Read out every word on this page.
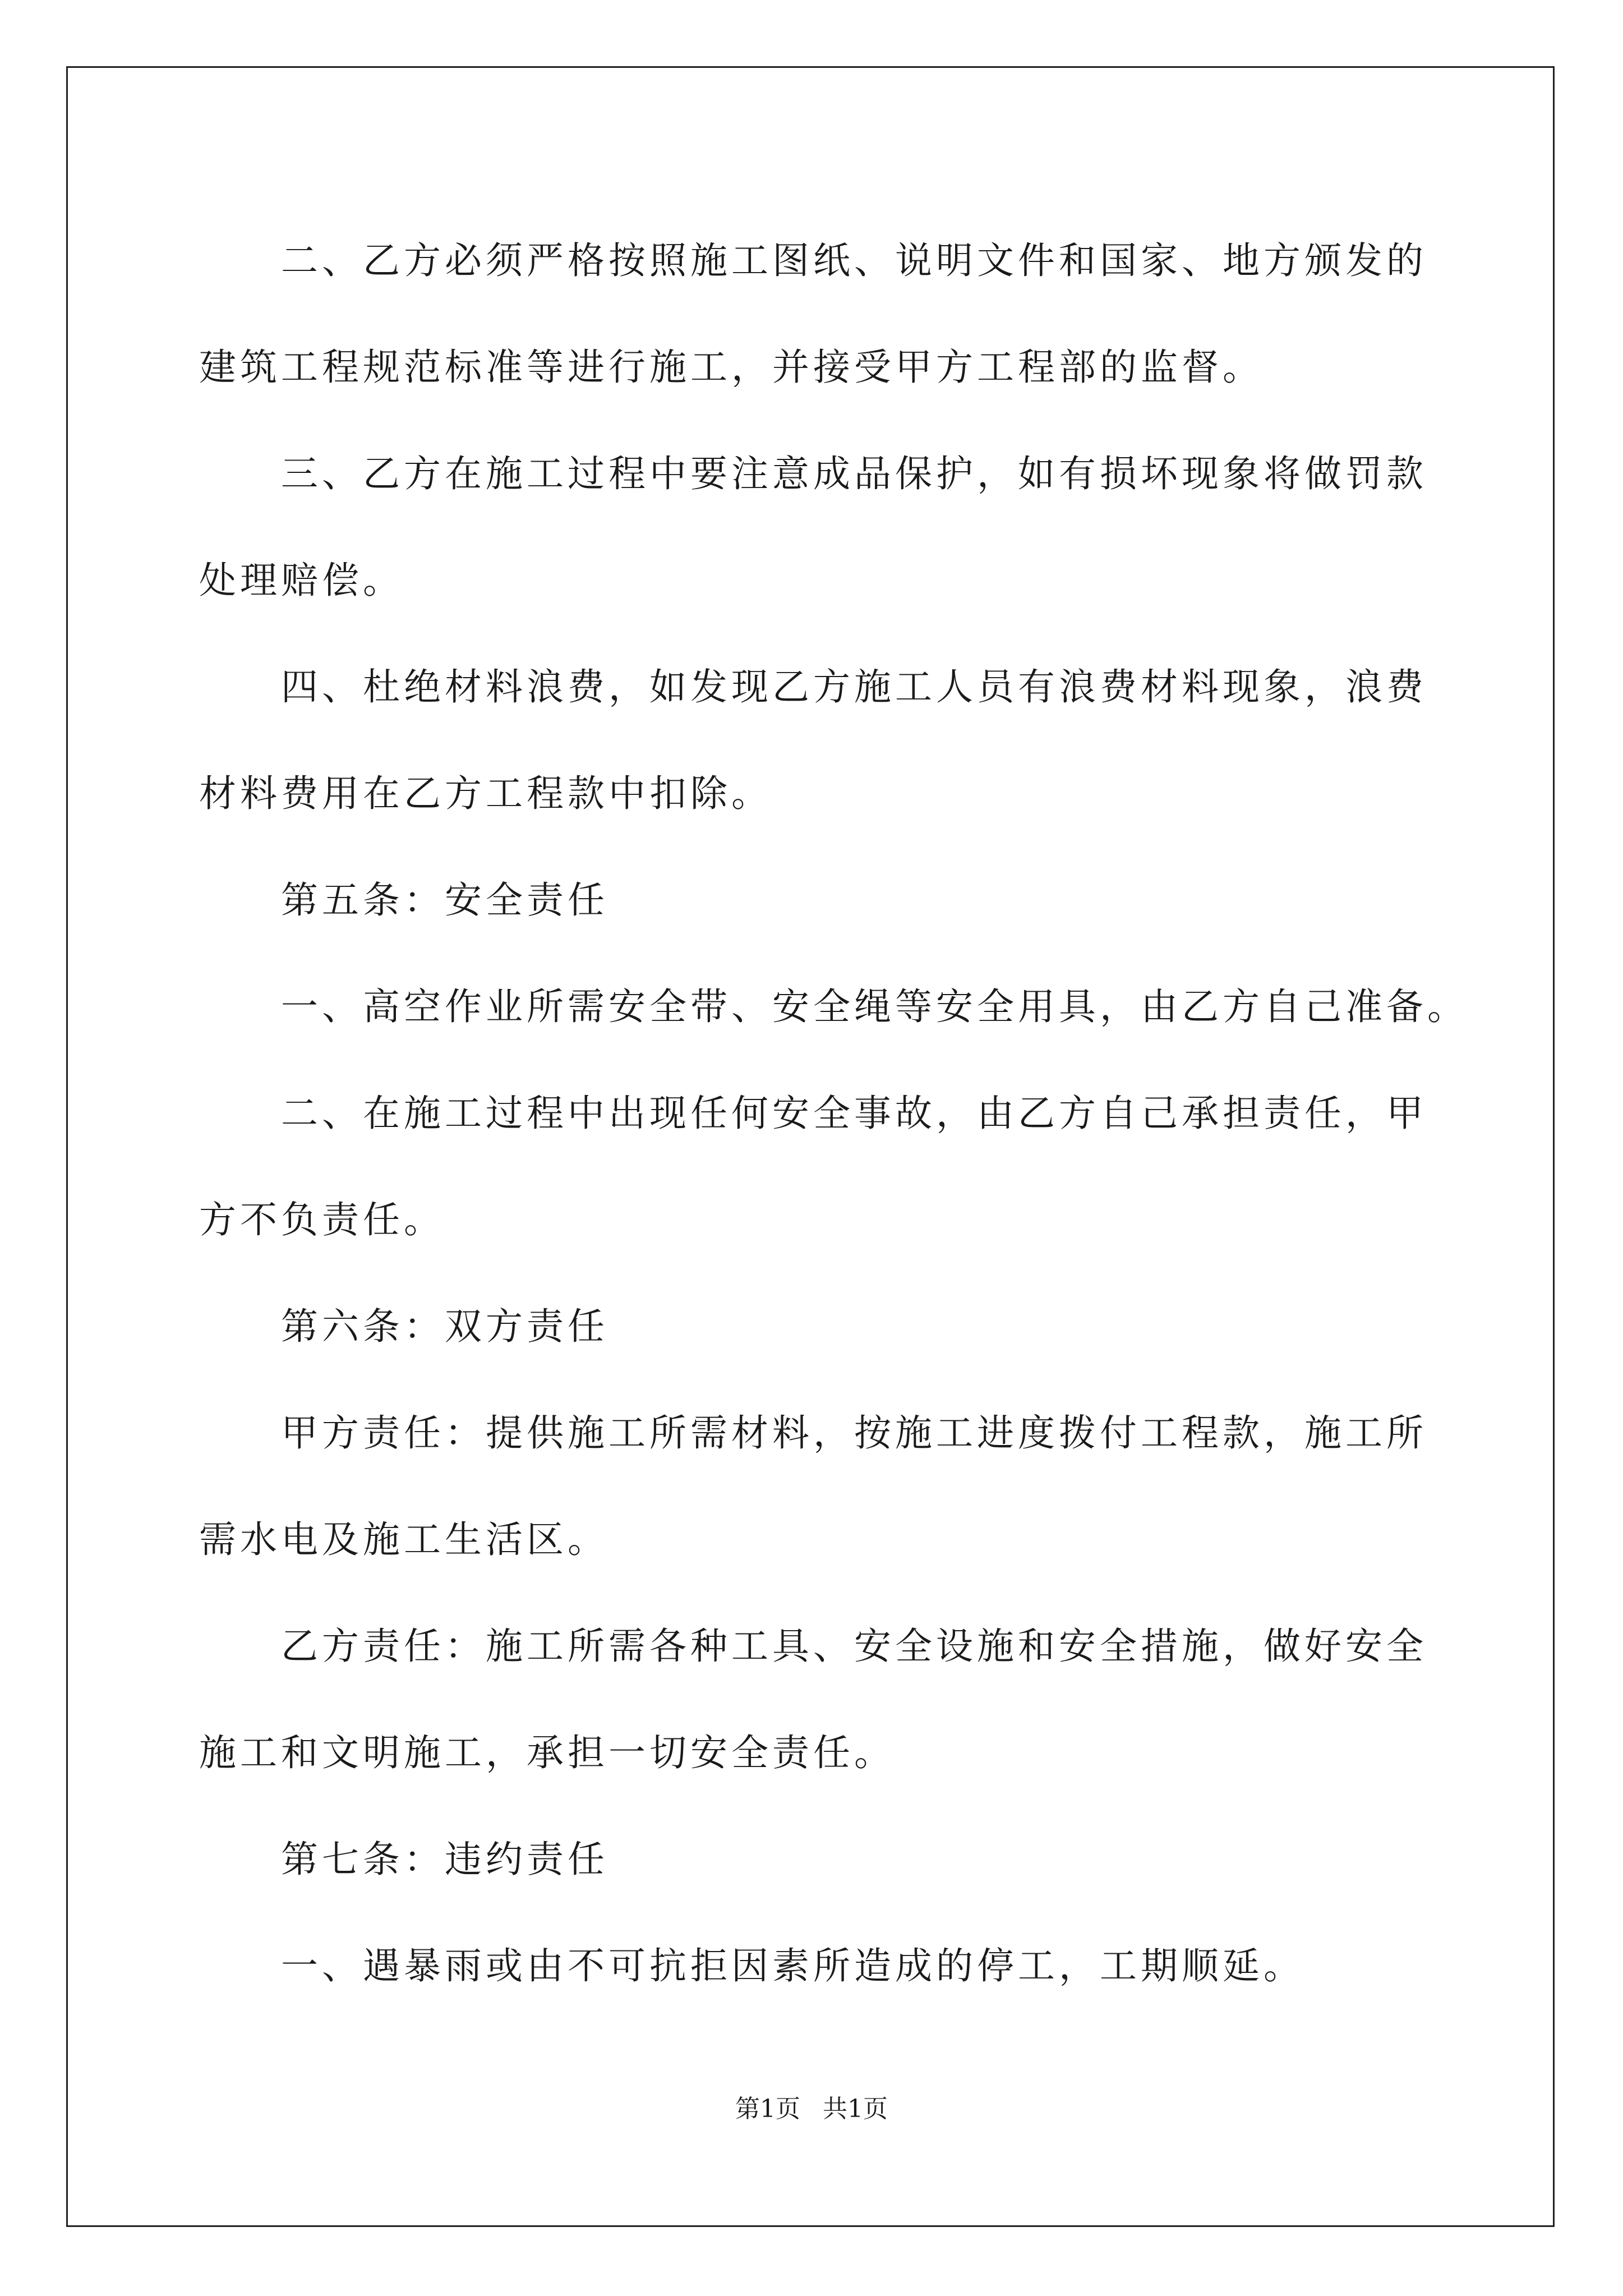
二、乙方必须严格按照施工图纸、说明文件和国家、地方颁发的

建筑工程规范标准等进行施工，并接受甲方工程部的监督。

三、乙方在施工过程中要注意成品保护，如有损坏现象将做罚款

处理赔偿。

四、杜绝材料浪费，如发现乙方施工人员有浪费材料现象，浪费

材料费用在乙方工程款中扣除。

第五条：安全责任

一、高空作业所需安全带、安全绳等安全用具，由乙方自己准备。

二、在施工过程中出现任何安全事故，由乙方自己承担责任，甲

方不负责任。

第六条：双方责任

甲方责任：提供施工所需材料，按施工进度拨付工程款，施工所

需水电及施工生活区。

乙方责任：施工所需各种工具、安全设施和安全措施，做好安全

施工和文明施工，承担一切安全责任。

第七条：违约责任

一、遇暴雨或由不可抗拒因素所造成的停工，工期顺延。

第1页 共1页
